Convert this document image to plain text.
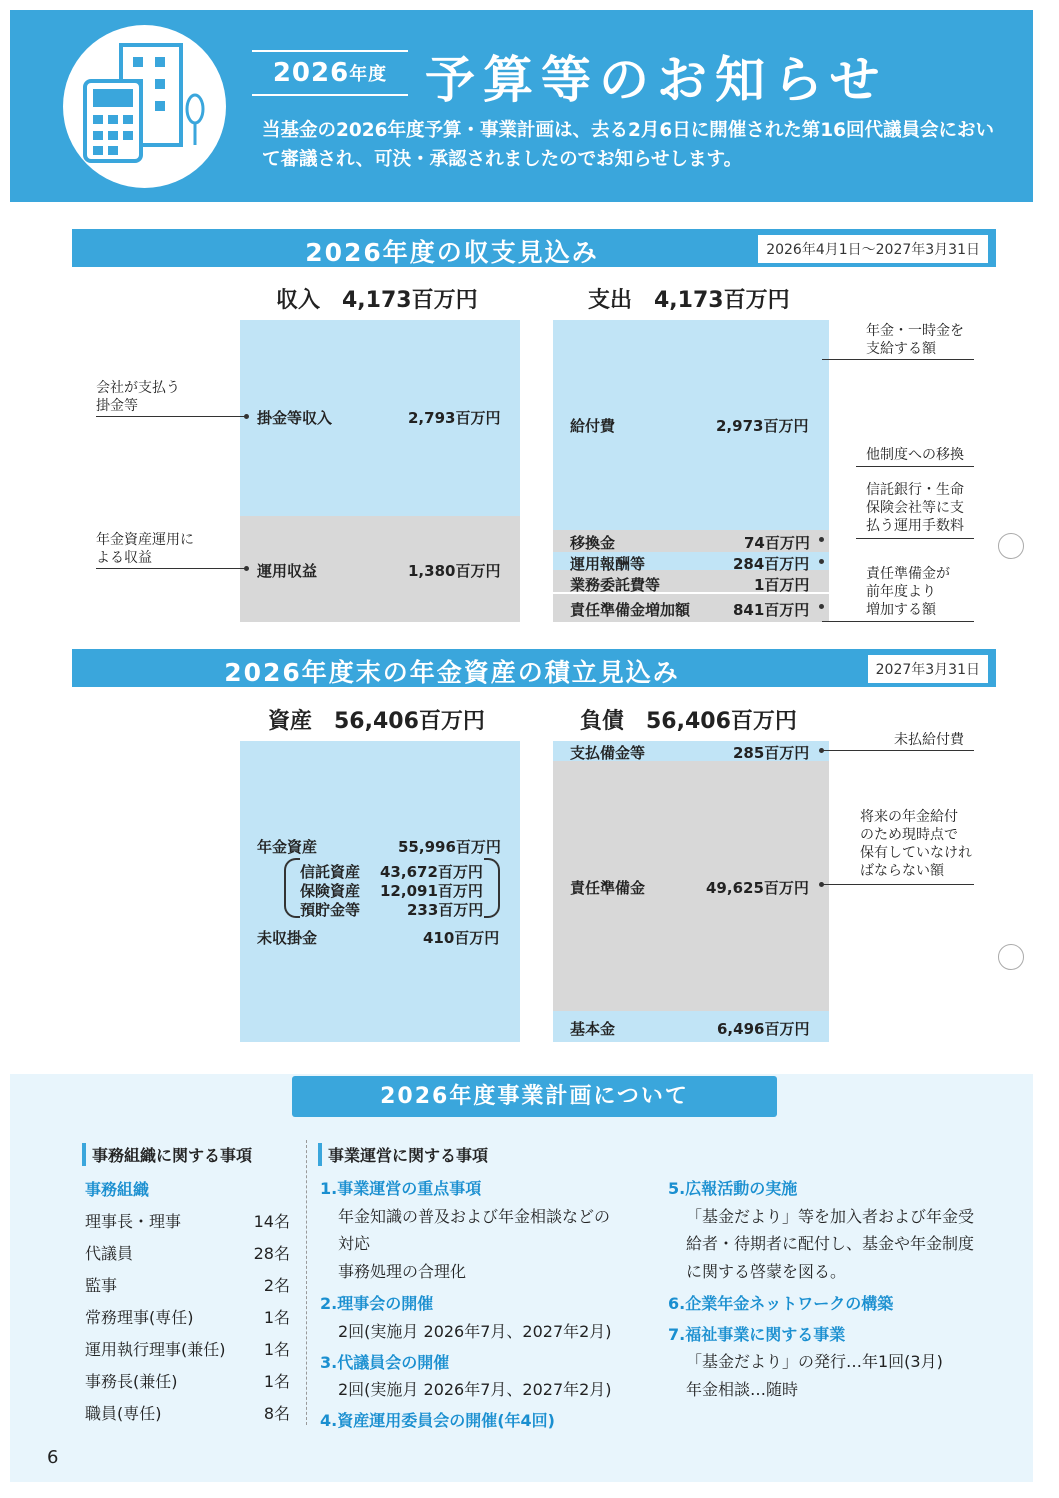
2026 年度 予算等のお知らせ
当基金の2026年度予算・事業計画は、去る2月6日に開催された第16回代議員会において審議され、可決・承認されましたのでお知らせします。
2026年度の収支見込み	2026年4月1日〜2027年3月31日
収入　4,173百万円	支出　4,173百万円
掛金等収入	2,793百万円
運用収益	1,380百万円
会社が支払う
掛金等
年金資産運用に
よる収益
給付費	2,973百万円
移換金	74百万円
運用報酬等	284百万円
業務委託費等	1百万円
責任準備金増加額	841百万円
年金・一時金を
支給する額
他制度への移換
信託銀行・生命
保険会社等に支
払う運用手数料
責任準備金が
前年度より
増加する額
2026年度末の年金資産の積立見込み	2027年3月31日
資産　56,406百万円	負債　56,406百万円
年金資産	55,996百万円
信託資産 43,672百万円
保険資産 12,091百万円
預貯金等	233百万円
未収掛金	410百万円
支払備金等	285百万円
責任準備金	49,625百万円
基本金	6,496百万円
未払給付費
将来の年金給付
のため現時点で
保有していなけれ
ばならない額
2026年度事業計画について
事務組織に関する事項
事務組織
理事長・理事	14名
代議員	28名
監事	2名
常務理事(専任)	1名
運用執行理事(兼任) 1名
事務長(兼任)	1名
職員(専任)	8名
事業運営に関する事項
1.事業運営の重点事項
年金知識の普及および年金相談などの
対応
事務処理の合理化
2.理事会の開催
2回(実施月 2026年7月、2027年2月)
3.代議員会の開催
2回(実施月 2026年7月、2027年2月)
4.資産運用委員会の開催(年4回)
5.広報活動の実施
「基金だより」等を加入者および年金受
給者・待期者に配付し、基金や年金制度
に関する啓蒙を図る。
6.企業年金ネットワークの構築
7.福祉事業に関する事業
「基金だより」の発行…年1回(3月)
年金相談…随時
6
